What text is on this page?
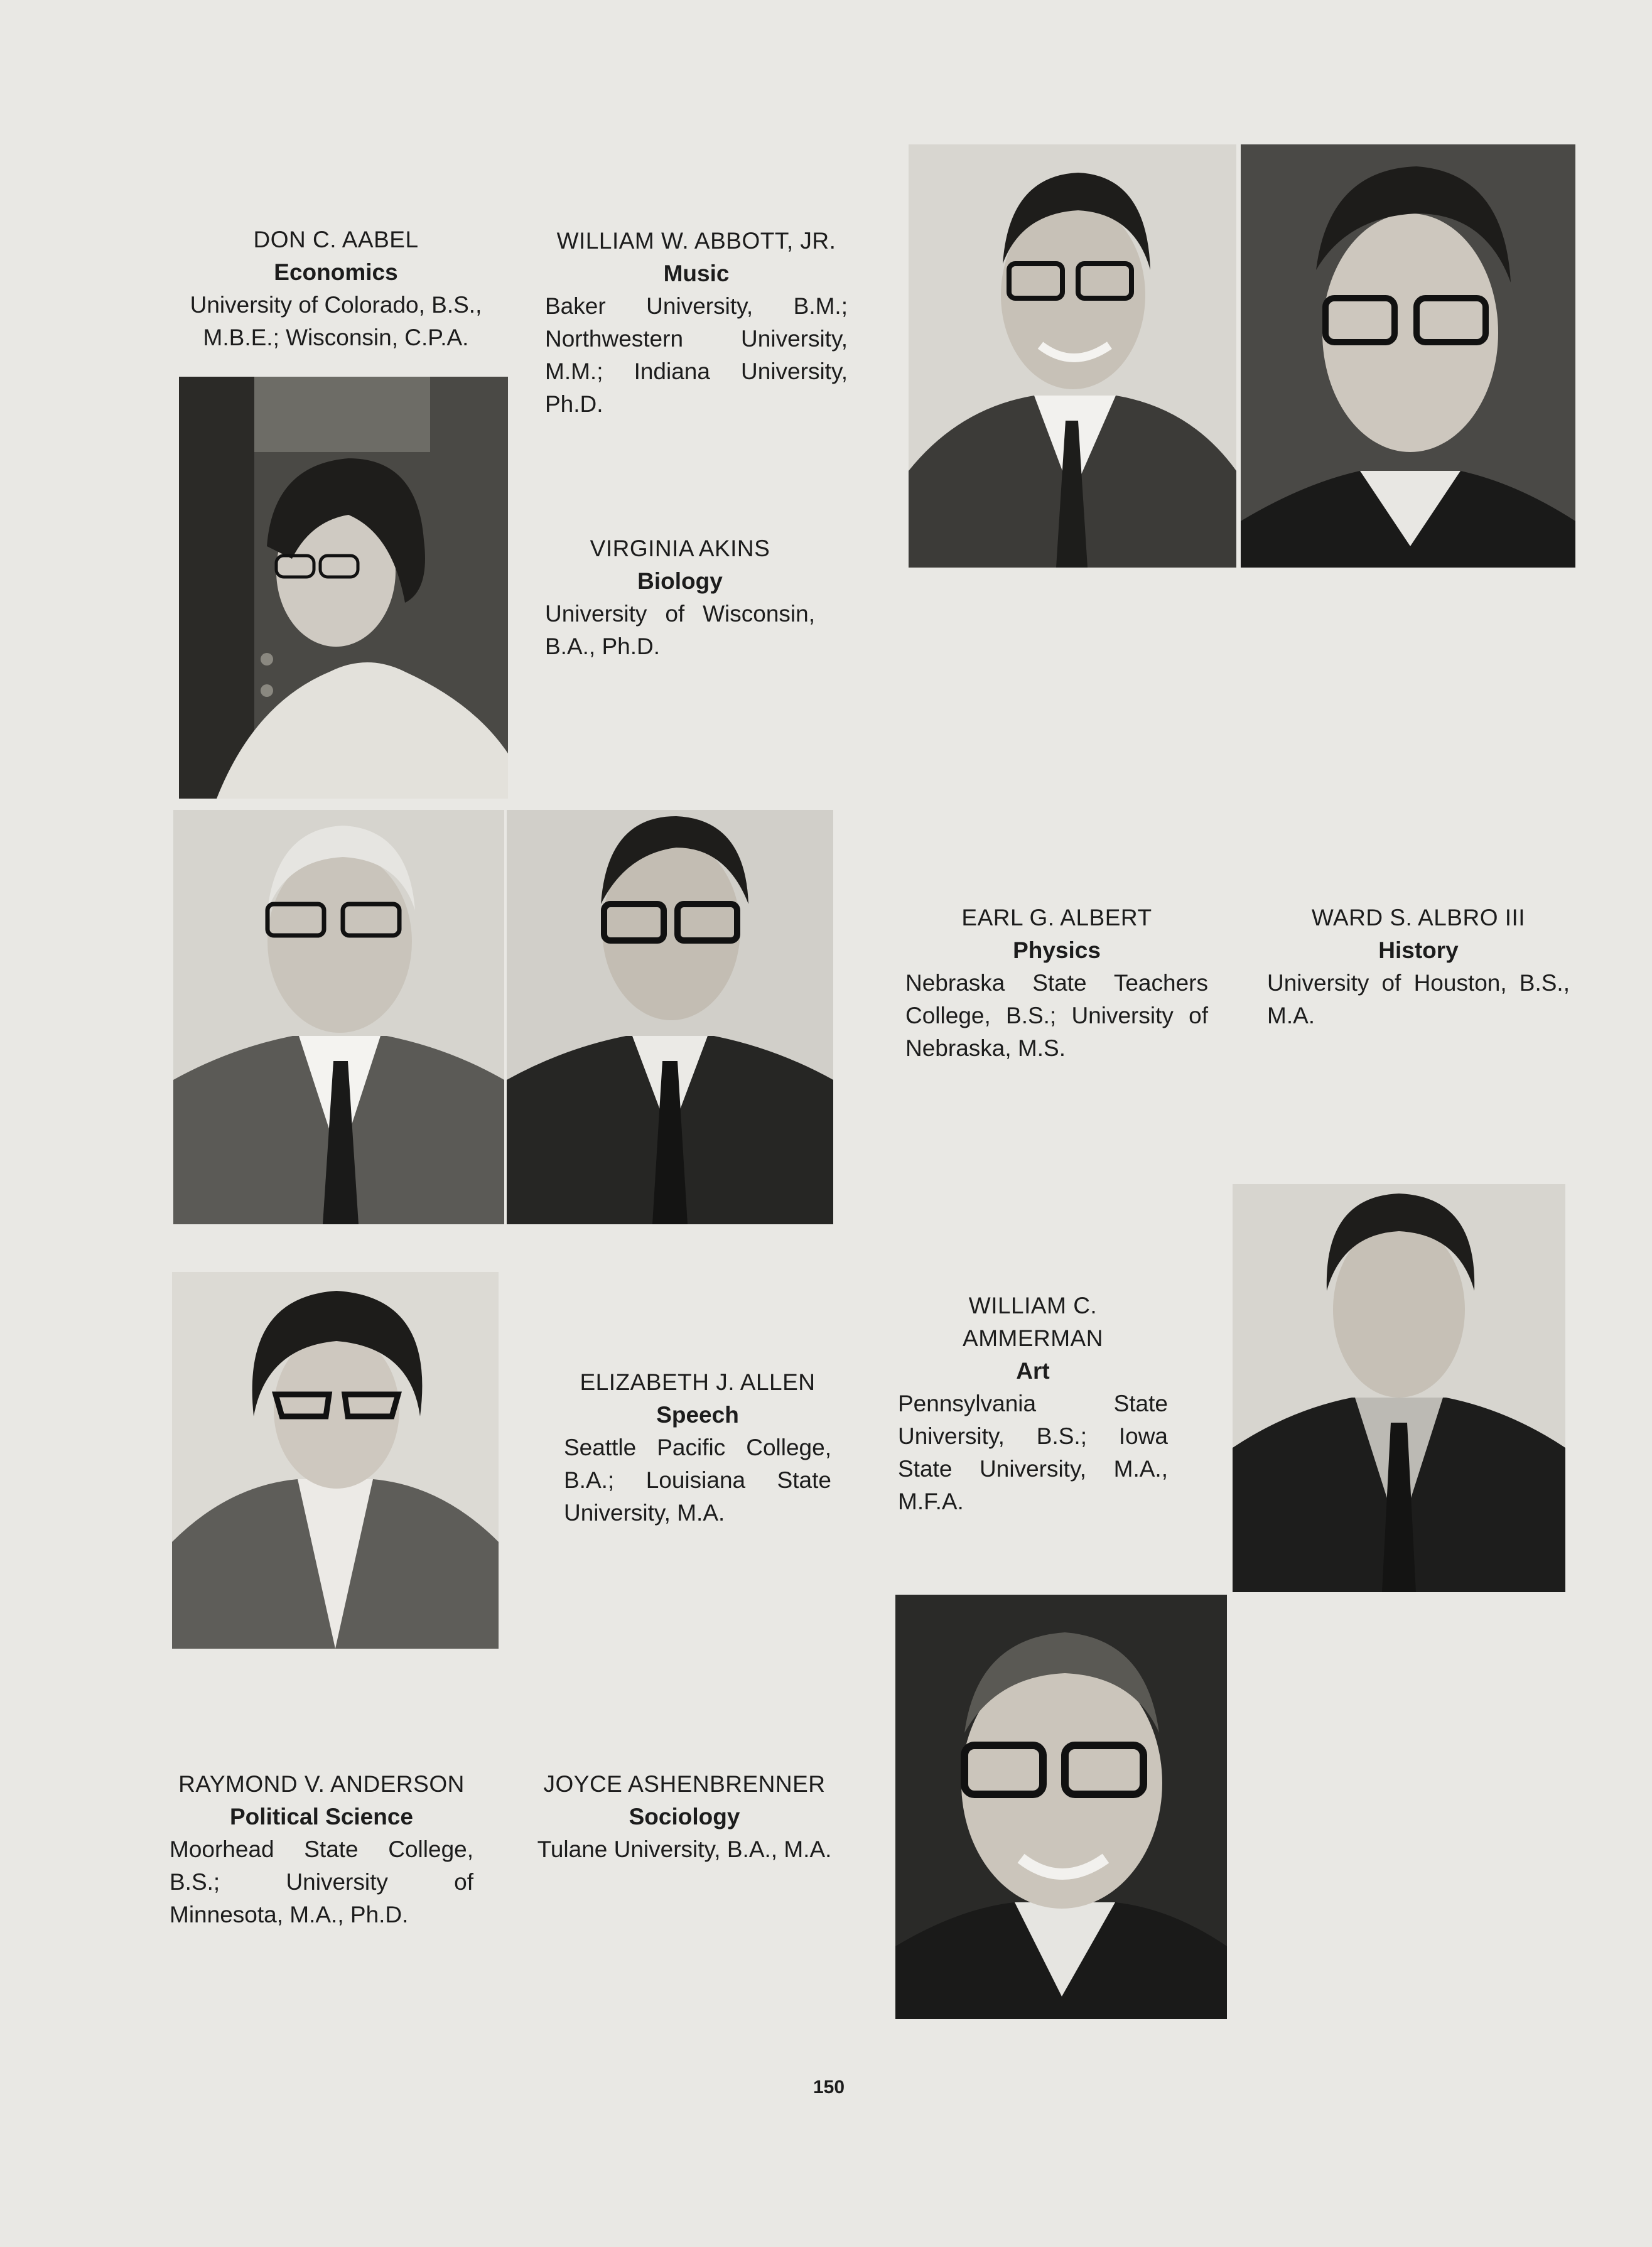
DON C. AABEL
Economics
University of Colorado, B.S., M.B.E.; Wisconsin, C.P.A.
WILLIAM W. ABBOTT, JR.
Music
Baker University, B.M.; Northwestern University, M.M.; Indiana University, Ph.D.
VIRGINIA AKINS
Biology
University of Wisconsin, B.A., Ph.D.
EARL G. ALBERT
Physics
Nebraska State Teachers College, B.S.; University of Nebraska, M.S.
WARD S. ALBRO III
History
University of Houston, B.S., M.A.
ELIZABETH J. ALLEN
Speech
Seattle Pacific College, B.A.; Louisiana State University, M.A.
WILLIAM C.
AMMERMAN
Art
Pennsylvania State University, B.S.; Iowa State University, M.A., M.F.A.
RAYMOND V. ANDERSON
Political Science
Moorhead State College, B.S.; University of Minnesota, M.A., Ph.D.
JOYCE ASHENBRENNER
Sociology
Tulane University, B.A., M.A.
150
